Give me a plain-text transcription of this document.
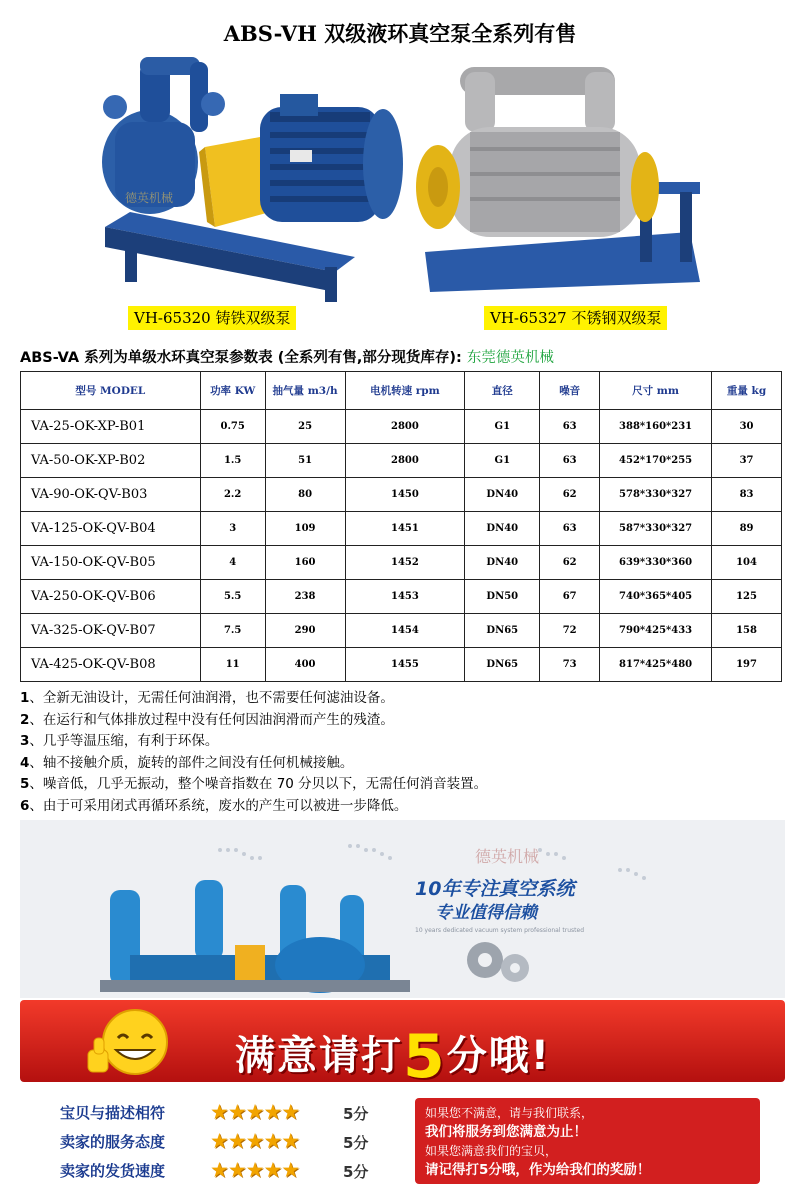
ABS-VH 双级液环真空泵全系列有售
德英机械
VH-65320 铸铁双级泵	VH-65327 不锈钢双级泵
ABS-VA 系列为单级水环真空泵参数表 (全系列有售,部分现货库存): 东莞德英机械
型号 MODEL	功率 KW	抽气量 m3/h	电机转速 rpm	直径	噪音	尺寸 mm	重量 kg
VA-25-OK-XP-B01	0.75	25	2800	G1	63	388*160*231	30
VA-50-OK-XP-B02	1.5	51	2800	G1	63	452*170*255	37
VA-90-OK-QV-B03	2.2	80	1450	DN40	62	578*330*327	83
VA-125-OK-QV-B04	3	109	1451	DN40	63	587*330*327	89
VA-150-OK-QV-B05	4	160	1452	DN40	62	639*330*360	104
VA-250-OK-QV-B06	5.5	238	1453	DN50	67	740*365*405	125
VA-325-OK-QV-B07	7.5	290	1454	DN65	72	790*425*433	158
VA-425-OK-QV-B08	11	400	1455	DN65	73	817*425*480	197
1、全新无油设计，无需任何油润滑，也不需要任何滤油设备。
2、在运行和气体排放过程中没有任何因油润滑而产生的残渣。
3、几乎等温压缩，有利于环保。
4、轴不接触介质，旋转的部件之间没有任何机械接触。
5、噪音低，几乎无振动，整个噪音指数在 70 分贝以下，无需任何消音装置。
6、由于可采用闭式再循环系统，废水的产生可以被进一步降低。
德英机械
10年专注真空系统
专业值得信赖
10 years dedicated vacuum system professional trusted
满意请打5分哦!
宝贝与描述相符 ★★★★★	5分
卖家的服务态度 ★★★★★	5分
卖家的发货速度 ★★★★★	5分
如果您不满意，请与我们联系，
我们将服务到您满意为止！
如果您满意我们的宝贝，
请记得打5分哦，作为给我们的奖励！
